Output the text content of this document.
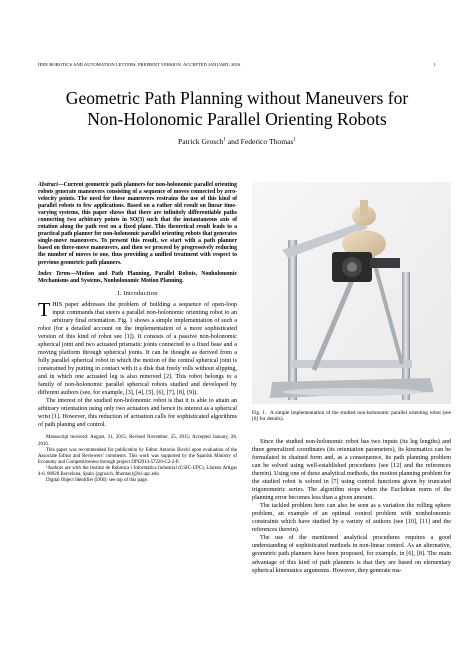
IEEE ROBOTICS AND AUTOMATION LETTERS. PREPRINT VERSION. ACCEPTED JANUARY, 2016	1
Geometric Path Planning without Maneuvers for
Non-Holonomic Parallel Orienting Robots
Patrick Grosch$^1$ and Federico Thomas$^1$
Abstract—Current geometric path planners for non-holonomic parallel orienting robots generate maneuvers consisting of a sequence of moves connected by zero-velocity points. The need for these maneuvers restrains the use of this kind of parallel robots to few applications. Based on a rather old result on linear time-varying systems, this paper shows that there are infinitely differentiable paths connecting two arbitrary points in SO(3) such that the instantaneous axis of rotation along the path rest on a fixed plane. This theoretical result leads to a practical path planner for non-holonomic parallel orienting robots that generates single-move maneuvers. To present this result, we start with a path planner based on three-move maneuvers, and then we proceed by progressively reducing the number of moves to one, thus providing a unified treatment with respect to previous geometric path planners.
Index Terms—Motion and Path Planning, Parallel Robots, Nonholonomic Mechanisms and Systems, Nonholonomic Motion Planning.
I. Introduction

THIS paper addresses the problem of building a sequence of open-loop input commands that steers a parallel non-holonomic orienting robot to an arbitrary final orientation. Fig. 1 shows a simple implementation of such a robot (for a detailed account on the implementation of a more sophisticated version of this kind of robot see [1]). It consists of a passive non-holonomic spherical joint and two actuated prismatic joints connected to a fixed base and a moving platform through spherical joints. It can be thought as derived from a fully parallel spherical robot in which the motion of the central spherical joint is constrained by putting in contact with it a disk that freely rolls without slipping, and in which one actuated leg is also removed [2]. This robot belongs to a family of non-holonomic parallel spherical robots studied and developed by different authors (see, for example, [3], [4], [5], [6], [7], [8], [9]).

The interest of the studied non-holonomic robot is that it is able to attain an arbitrary orientation using only two actuators and hence its interest as a spherical wrist [1]. However, this reduction of actuation calls for sophisticated algorithms of path planing and control.

Manuscript received: August, 31, 2015; Revised November, 25, 2015; Accepted January, 28, 2016.

This paper was recommended for publication by Editor Antonio Bicchi upon evaluation of the Associate Editor and Reviewers' comments. This work was supported by the Spanish Ministry of Economy and Competitiveness through project DPI2014-57220-C2-2-P.

¹Authors are with the Institut de Robòtica i Informàtica Industrial (CSIC-UPC), Llorens Artigas 4-6, 08028 Barcelona, Spain {pgrosch, fthomas}@iri.upc.edu

Digital Object Identifier (DOI): see top of this page.

Fig. 1. A simple implementation of the studied non-holonomic parallel orienting robot (see [6] for details).

Since the studied non-holonomic robot has two inputs (its leg lengths) and three generalized coordinates (its orientation parameters), its kinematics can be formulated in chained form and, as a consequence, its path planning problem can be solved using well-established procedures (see [12] and the references therein). Using one of these analytical methods, the motion planning problem for the studied robot is solved in [7] using control functions given by truncated trigonometric series. The algorithm stops when the Euclidean norm of the planning error becomes less than a given amount.

The tackled problem here can also be seen as a variation the rolling sphere problem, an example of an optimal control problem with nonholonomic constraints which have studied by a variety of authors (see [10], [11] and the references therein).

The use of the mentioned analytical procedures requires a good understanding of sophisticated methods in non-linear control. As an alternative, geometric path planners have been proposed, for example, in [6], [8]. The main advantage of this kind of path planners is that they are based on elementary spherical kinematics arguments. However, they generate ma-
